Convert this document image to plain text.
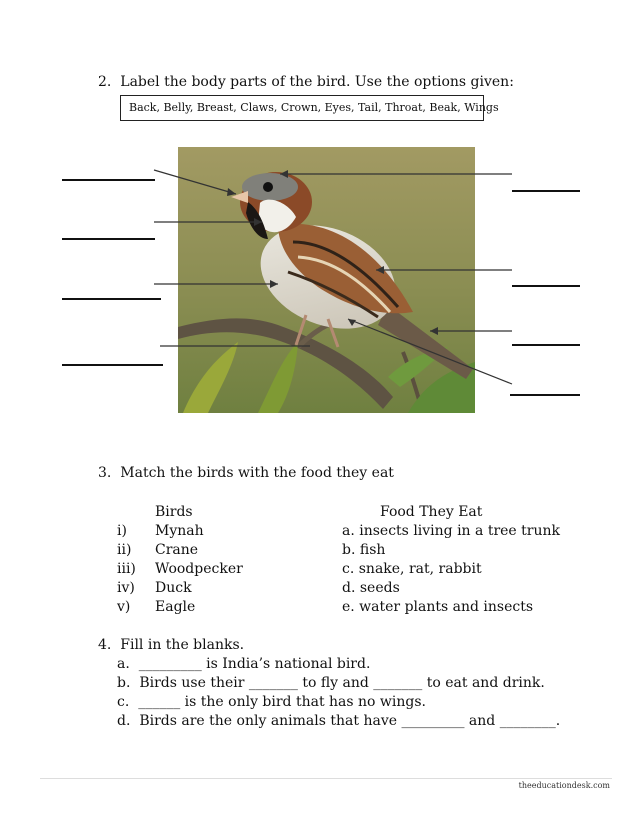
2. Label the body parts of the bird. Use the options given:
Back, Belly, Breast, Claws, Crown, Eyes, Tail, Throat, Beak, Wings
3. Match the birds with the food they eat
Birds	Food They Eat
i) Mynah	a. insects living in a tree trunk
ii) Crane	b. fish
iii) Woodpecker	c. snake, rat, rabbit
iv) Duck	d. seeds
v) Eagle	e. water plants and insects
4. Fill in the blanks.
a. _________ is India’s national bird.
b. Birds use their _______ to fly and _______ to eat and drink.
c. ______ is the only bird that has no wings.
d. Birds are the only animals that have _________ and ________.
theeducationdesk.com
